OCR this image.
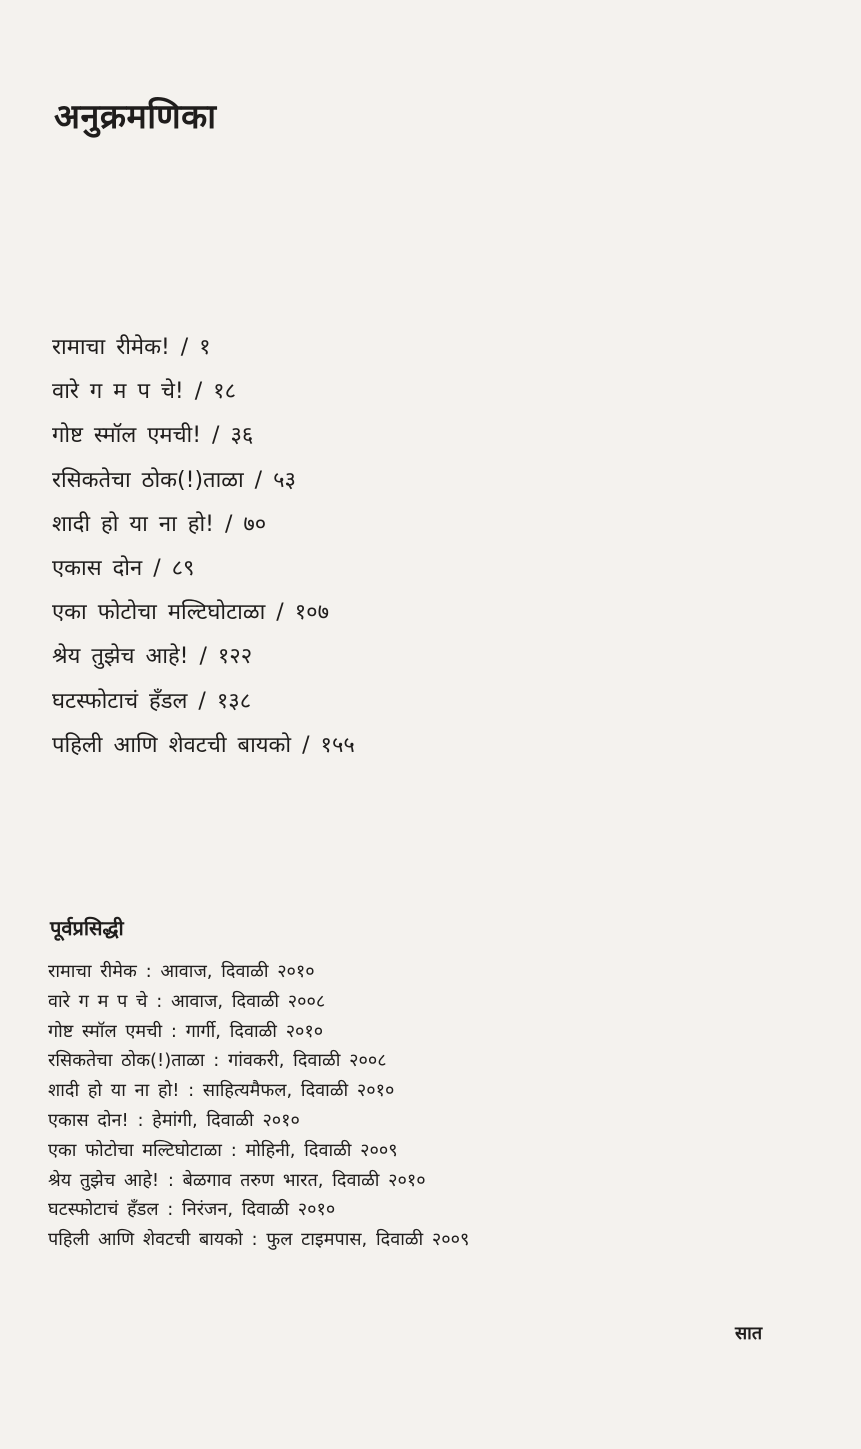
अनुक्रमणिका
रामाचा रीमेक! / १
वारे ग म प चे! / १८
गोष्ट स्मॉल एमची! / ३६
रसिकतेचा ठोक(!)ताळा / ५३
शादी हो या ना हो! / ७०
एकास दोन / ८९
एका फोटोचा मल्टिघोटाळा / १०७
श्रेय तुझेच आहे! / १२२
घटस्फोटाचं हँडल / १३८
पहिली आणि शेवटची बायको / १५५
पूर्वप्रसिद्धी
रामाचा रीमेक : आवाज, दिवाळी २०१०
वारे ग म प चे : आवाज, दिवाळी २००८
गोष्ट स्मॉल एमची : गार्गी, दिवाळी २०१०
रसिकतेचा ठोक(!)ताळा : गांवकरी, दिवाळी २००८
शादी हो या ना हो! : साहित्यमैफल, दिवाळी २०१०
एकास दोन! : हेमांगी, दिवाळी २०१०
एका फोटोचा मल्टिघोटाळा : मोहिनी, दिवाळी २००९
श्रेय तुझेच आहे! : बेळगाव तरुण भारत, दिवाळी २०१०
घटस्फोटाचं हँडल : निरंजन, दिवाळी २०१०
पहिली आणि शेवटची बायको : फुल टाइमपास, दिवाळी २००९
सात
